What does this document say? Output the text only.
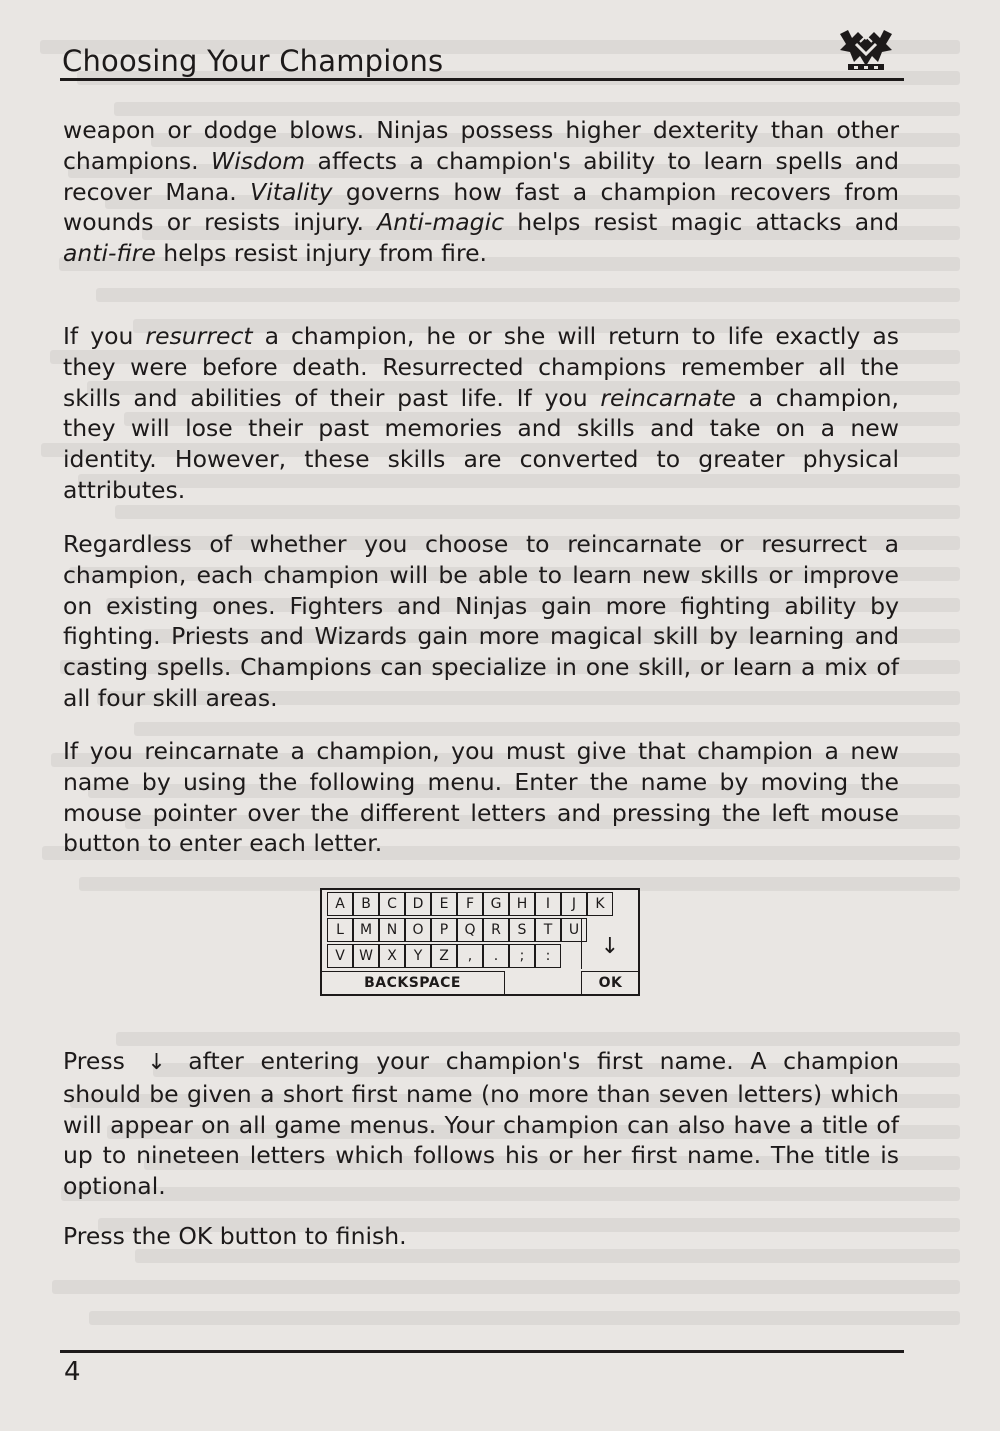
Choosing Your Champions

weapon or dodge blows. Ninjas possess higher dexterity than other champions. Wisdom affects a champion's ability to learn spells and recover Mana. Vitality governs how fast a champion recovers from wounds or resists injury. Anti-magic helps resist magic attacks and anti-fire helps resist injury from fire.

If you resurrect a champion, he or she will return to life exactly as they were before death. Resurrected champions remember all the skills and abilities of their past life. If you reincarnate a champion, they will lose their past memories and skills and take on a new identity. However, these skills are converted to greater physical attributes.

Regardless of whether you choose to reincarnate or resurrect a champion, each champion will be able to learn new skills or improve on existing ones. Fighters and Ninjas gain more fighting ability by fighting. Priests and Wizards gain more magical skill by learning and casting spells. Champions can specialize in one skill, or learn a mix of all four skill areas.

If you reincarnate a champion, you must give that champion a new name by using the following menu. Enter the name by moving the mouse pointer over the different letters and pressing the left mouse button to enter each letter.

A	B	C	D	E	F	G	H	I	J	K
L	M	N	O	P	Q	R	S	T	U
V	W	X	Y	Z	,	.	;	:
BACKSPACE	OK
↓

Press ↓ after entering your champion's first name. A champion should be given a short first name (no more than seven letters) which will appear on all game menus. Your champion can also have a title of up to nineteen letters which follows his or her first name. The title is optional.

Press the OK button to finish.

4
